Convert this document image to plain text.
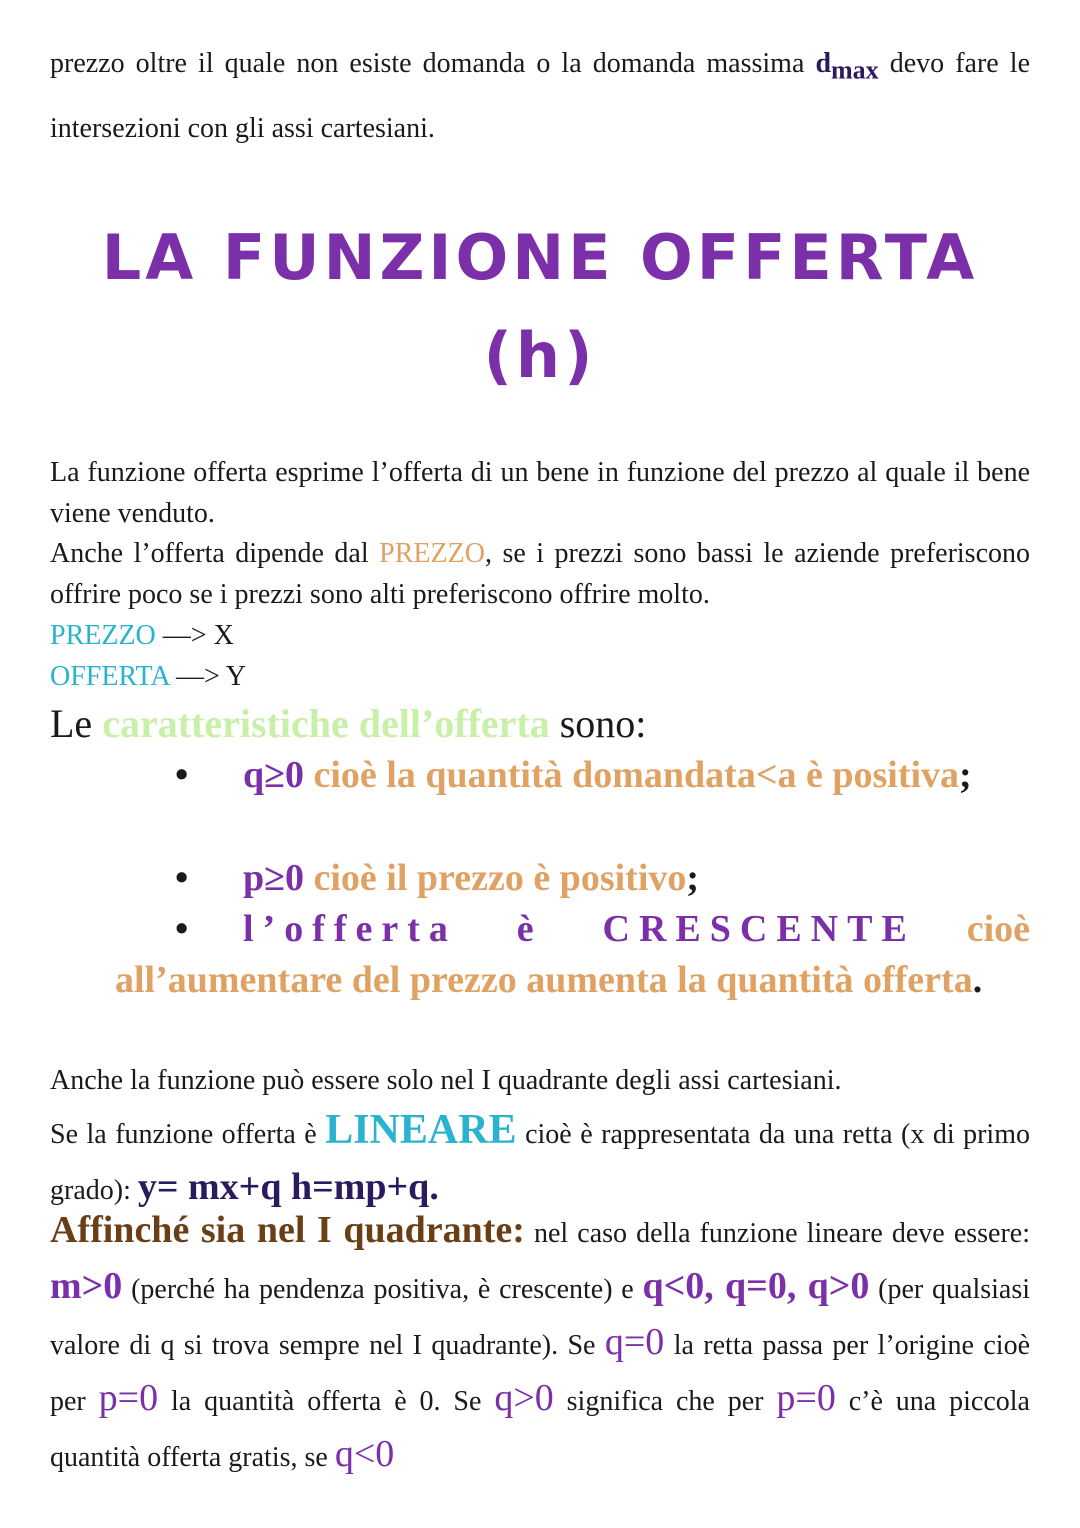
prezzo oltre il quale non esiste domanda o la domanda massima $d_{max}$ devo fare le intersezioni con gli assi cartesiani.

LA FUNZIONE OFFERTA
(h)

La funzione offerta esprime l’offerta di un bene in funzione del prezzo al quale il bene viene venduto.

Anche l’offerta dipende dal PREZZO, se i prezzi sono bassi le aziende preferiscono offrire poco se i prezzi sono alti preferiscono offrire molto.

PREZZO —> X

OFFERTA —> Y

Le caratteristiche dell’offerta sono:

• q≥0 cioè la quantità domandata<a è positiva;
• p≥0 cioè il prezzo è positivo;
• l’offerta è CRESCENTE cioè all’aumentare del prezzo aumenta la quantità offerta.

Anche la funzione può essere solo nel I quadrante degli assi cartesiani.

Se la funzione offerta è LINEARE cioè è rappresentata da una retta (x di primo grado): y= mx+q h=mp+q.

Affinché sia nel I quadrante: nel caso della funzione lineare deve essere: m>0 (perché ha pendenza positiva, è crescente) e q<0, q=0, q>0 (per qualsiasi valore di q si trova sempre nel I quadrante). Se q=0 la retta passa per l’origine cioè per p=0 la quantità offerta è 0. Se q>0 significa che per p=0 c’è una piccola quantità offerta gratis, se q<0
